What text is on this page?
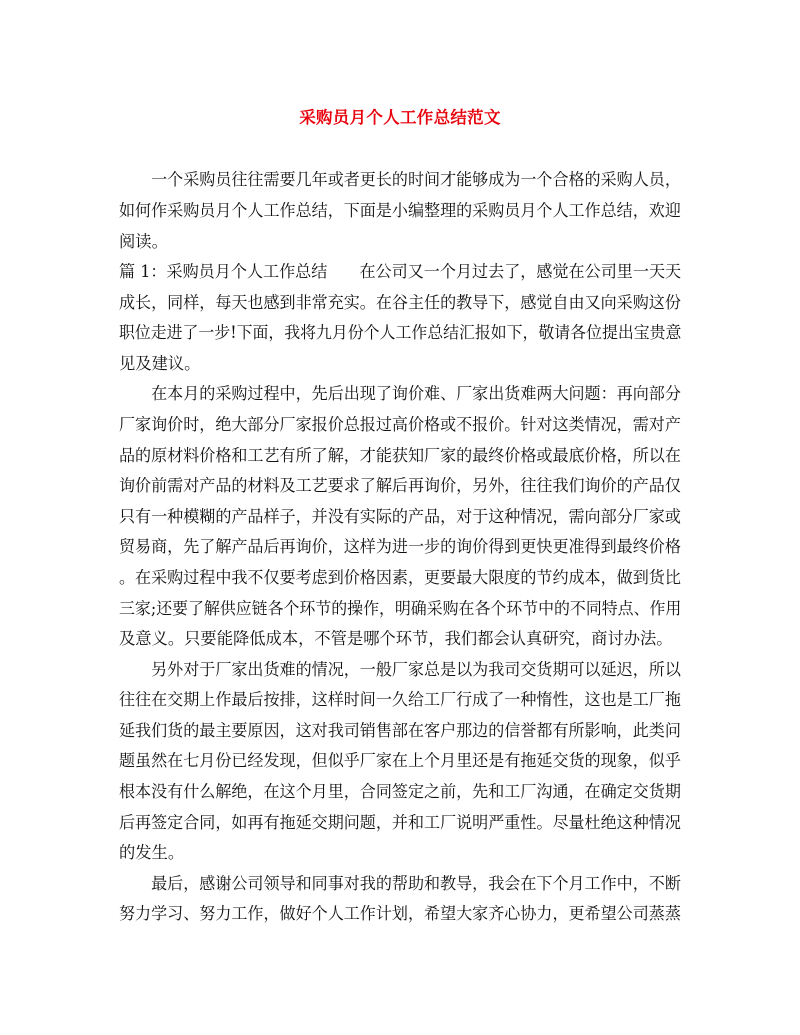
采购员月个人工作总结范文
　　一个采购员往往需要几年或者更长的时间才能够成为一个合格的采购人员，
如何作采购员月个人工作总结，下面是小编整理的采购员月个人工作总结，欢迎
阅读。
篇 1：采购员月个人工作总结　　在公司又一个月过去了，感觉在公司里一天天
成长，同样，每天也感到非常充实。在谷主任的教导下，感觉自由又向采购这份
职位走进了一步!下面，我将九月份个人工作总结汇报如下，敬请各位提出宝贵意
见及建议。
　　在本月的采购过程中，先后出现了询价难、厂家出货难两大问题：再向部分
厂家询价时，绝大部分厂家报价总报过高价格或不报价。针对这类情况，需对产
品的原材料价格和工艺有所了解，才能获知厂家的最终价格或最底价格，所以在
询价前需对产品的材料及工艺要求了解后再询价，另外，往往我们询价的产品仅
只有一种模糊的产品样子，并没有实际的产品，对于这种情况，需向部分厂家或
贸易商，先了解产品后再询价，这样为进一步的询价得到更快更准得到最终价格
。在采购过程中我不仅要考虑到价格因素，更要最大限度的节约成本，做到货比
三家;还要了解供应链各个环节的操作，明确采购在各个环节中的不同特点、作用
及意义。只要能降低成本，不管是哪个环节，我们都会认真研究，商讨办法。
　　另外对于厂家出货难的情况，一般厂家总是以为我司交货期可以延迟，所以
往往在交期上作最后按排，这样时间一久给工厂行成了一种惰性，这也是工厂拖
延我们货的最主要原因，这对我司销售部在客户那边的信誉都有所影响，此类问
题虽然在七月份已经发现，但似乎厂家在上个月里还是有拖延交货的现象，似乎
根本没有什么解绝，在这个月里，合同签定之前，先和工厂沟通，在确定交货期
后再签定合同，如再有拖延交期问题，并和工厂说明严重性。尽量杜绝这种情况
的发生。
　　最后，感谢公司领导和同事对我的帮助和教导，我会在下个月工作中，不断
努力学习、努力工作，做好个人工作计划，希望大家齐心协力，更希望公司蒸蒸
